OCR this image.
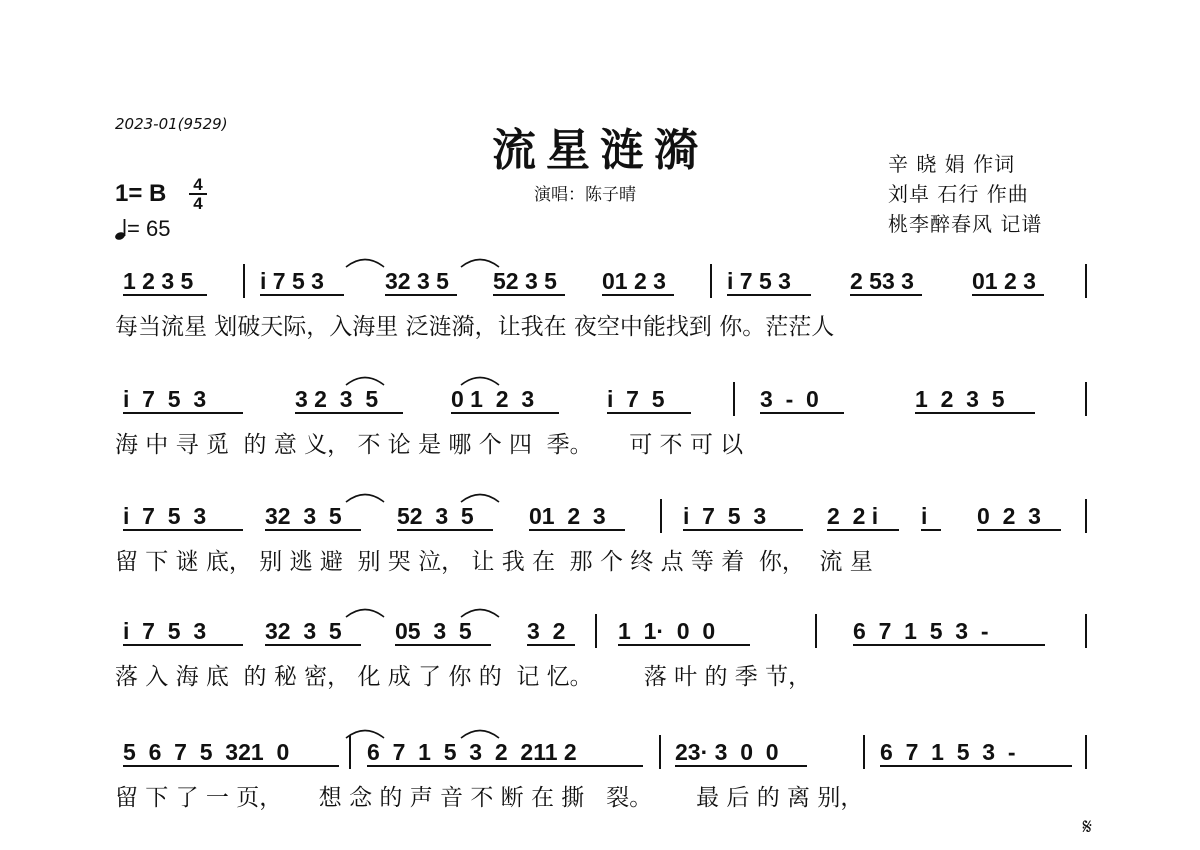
2023-01(9529)
流星涟漪
演唱：陈子晴
辛 晓 娟 作词
刘卓 石行 作曲
桃李醉春风 记谱
1= B $\frac{4}{4}$
= 65
1 2 3 5	i 7 5 3	32 3 5 52 3 5 01 2 3	i 7 5 3	2 53 3	01 2 3
每当流星 划破天际，入海里 泛涟漪，让我在 夜空中能找到 你。茫茫人
i  7  5  3	3 2  3  5	0 1  2  3	i  7  5	3  -  0	1  2  3  5
海 中 寻 觅  的 意 义， 不 论 是 哪 个 四  季。     可 不 可 以
i  7  5  3	32  3  5 52  3  5 01  2  3	i  7  5  3	2  2 i i 0  2  3
留 下 谜 底， 别 逃 避  别 哭 泣， 让 我 在  那 个 终 点 等 着  你，  流 星
i  7  5  3	32  3  5 05  3  5 3  2 1  1·  0  0	6  7  1  5  3  -
落 入 海 底  的 秘 密， 化 成 了 你 的  记 忆。       落 叶 的 季 节，
5  6  7  5  321  0	6  7  1  5  3  2  211 2	23· 3  0  0	6  7  1  5  3  -
留 下 了 一 页，     想 念 的 声 音 不 断 在 撕   裂。      最 后 的 离 别，
𝄋
